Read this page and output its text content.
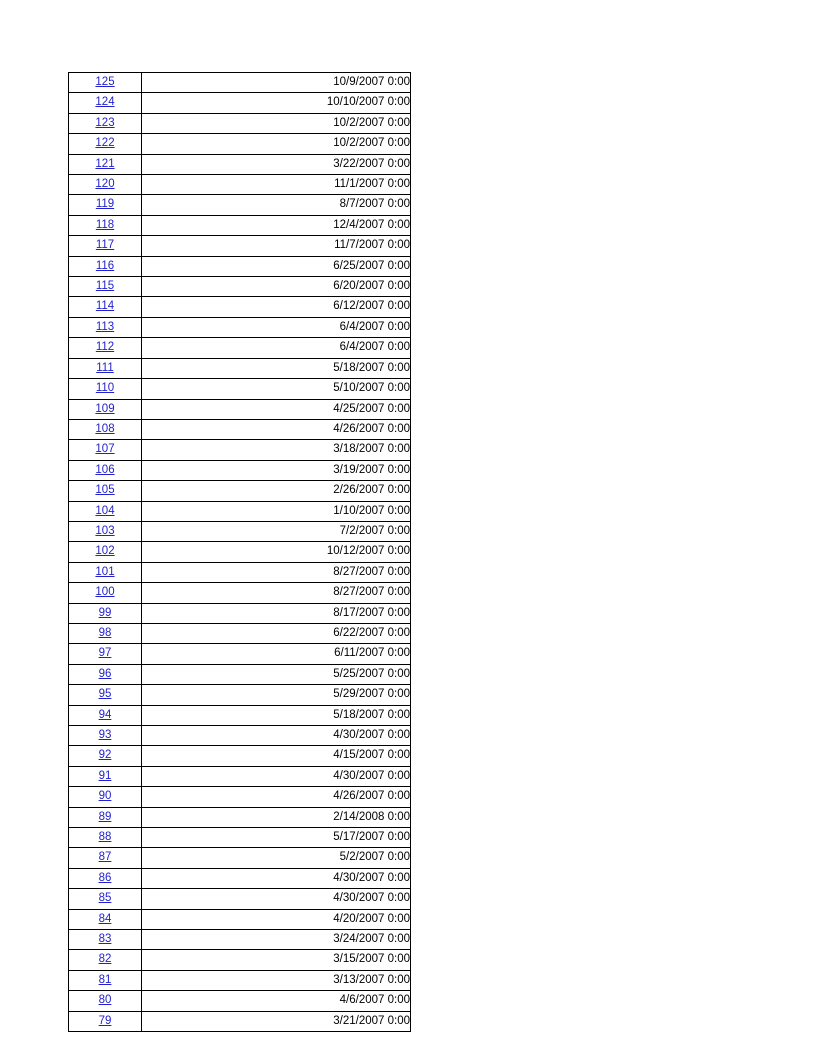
125	10/9/2007 0:00
124	10/10/2007 0:00
123	10/2/2007 0:00
122	10/2/2007 0:00
121	3/22/2007 0:00
120	11/1/2007 0:00
119	8/7/2007 0:00
118	12/4/2007 0:00
117	11/7/2007 0:00
116	6/25/2007 0:00
115	6/20/2007 0:00
114	6/12/2007 0:00
113	6/4/2007 0:00
112	6/4/2007 0:00
111	5/18/2007 0:00
110	5/10/2007 0:00
109	4/25/2007 0:00
108	4/26/2007 0:00
107	3/18/2007 0:00
106	3/19/2007 0:00
105	2/26/2007 0:00
104	1/10/2007 0:00
103	7/2/2007 0:00
102	10/12/2007 0:00
101	8/27/2007 0:00
100	8/27/2007 0:00
99	8/17/2007 0:00
98	6/22/2007 0:00
97	6/11/2007 0:00
96	5/25/2007 0:00
95	5/29/2007 0:00
94	5/18/2007 0:00
93	4/30/2007 0:00
92	4/15/2007 0:00
91	4/30/2007 0:00
90	4/26/2007 0:00
89	2/14/2008 0:00
88	5/17/2007 0:00
87	5/2/2007 0:00
86	4/30/2007 0:00
85	4/30/2007 0:00
84	4/20/2007 0:00
83	3/24/2007 0:00
82	3/15/2007 0:00
81	3/13/2007 0:00
80	4/6/2007 0:00
79	3/21/2007 0:00
